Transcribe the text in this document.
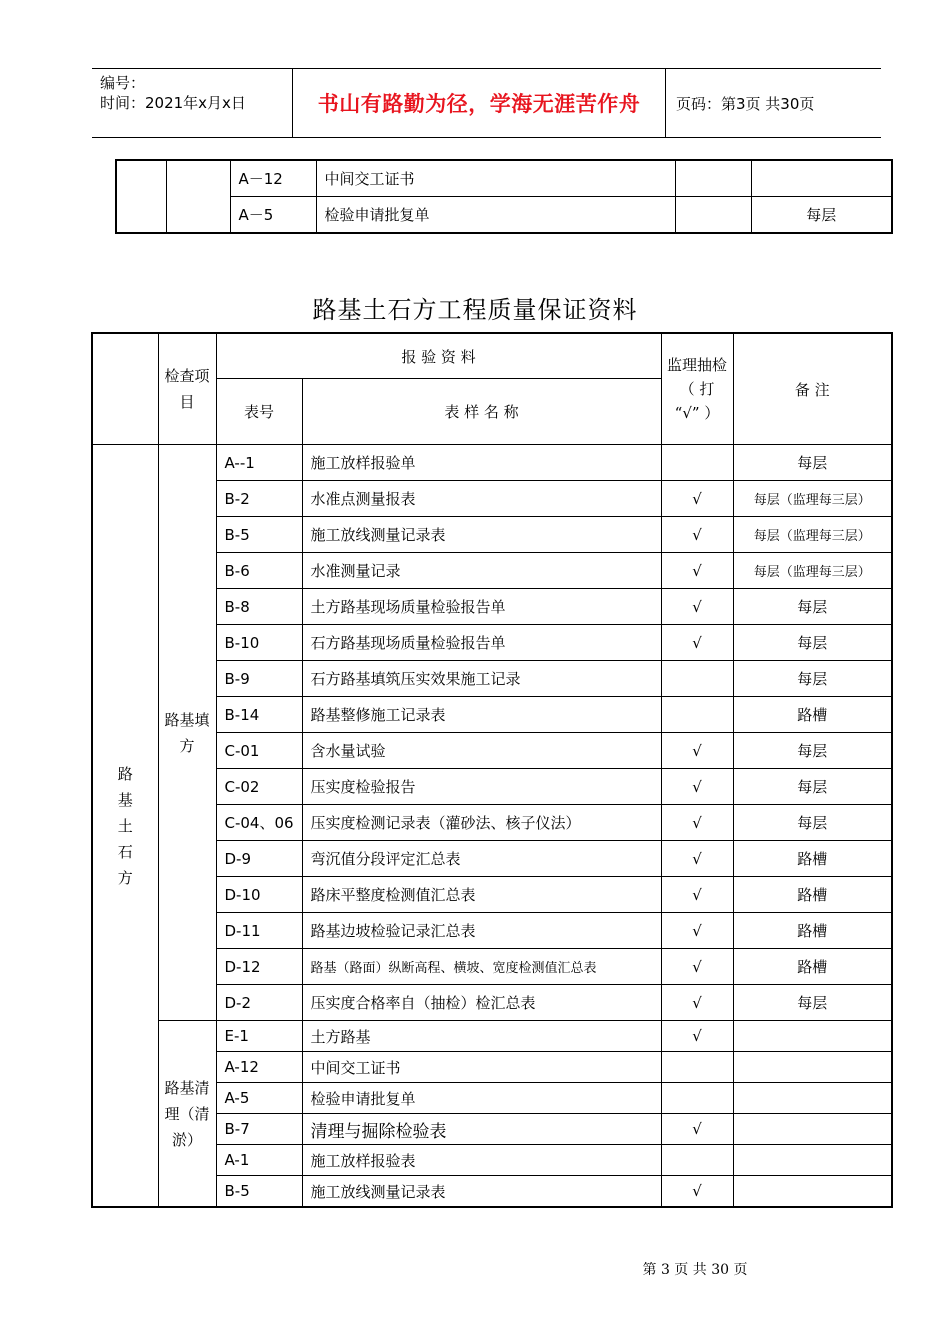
编号：
时间：2021年x月x日	书山有路勤为径，学海无涯苦作舟	页码：第3页 共30页
		A－12	中间交工证书		
		A－5	检验申请批复单		每层
路基土石方工程质量保证资料
	检查项目	报 验 资 料		监理抽检 （ 打 “√” ）	备 注
		表号	表 样 名 称		
路基土石方	路基填方	A--1	施工放样报验单		每层
		B-2	水准点测量报表	√	每层（监理每三层）
		B-5	施工放线测量记录表	√	每层（监理每三层）
		B-6	水准测量记录	√	每层（监理每三层）
		B-8	土方路基现场质量检验报告单	√	每层
		B-10	石方路基现场质量检验报告单	√	每层
		B-9	石方路基填筑压实效果施工记录		每层
		B-14	路基整修施工记录表		路槽
		C-01	含水量试验	√	每层
		C-02	压实度检验报告	√	每层
		C-04、06	压实度检测记录表（灌砂法、核子仪法）	√	每层
		D-9	弯沉值分段评定汇总表	√	路槽
		D-10	路床平整度检测值汇总表	√	路槽
		D-11	路基边坡检验记录汇总表	√	路槽
		D-12	路基（路面）纵断高程、横坡、宽度检测值汇总表	√	路槽
		D-2	压实度合格率自（抽检）检汇总表	√	每层
	路基清理（清淤）	E-1	土方路基	√	
		A-12	中间交工证书		
		A-5	检验申请批复单		
		B-7	清理与掘除检验表	√	
		A-1	施工放样报验表		
		B-5	施工放线测量记录表	√	
第 3 页 共 30 页
